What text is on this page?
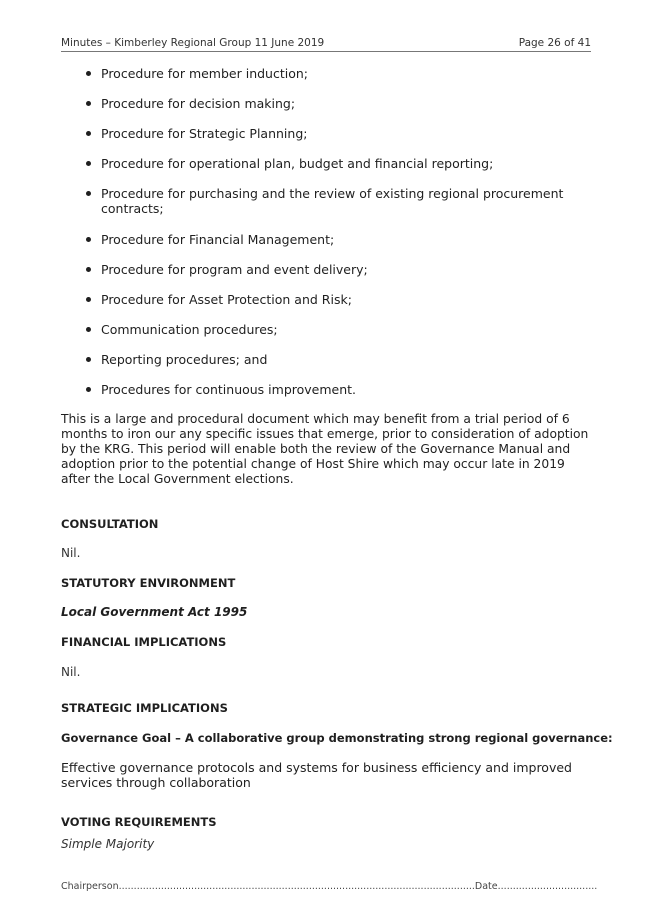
Minutes – Kimberley Regional Group 11 June 2019	Page 26 of 41
Procedure for member induction;
Procedure for decision making;
Procedure for Strategic Planning;
Procedure for operational plan, budget and financial reporting;
Procedure for purchasing and the review of existing regional procurement contracts;
Procedure for Financial Management;
Procedure for program and event delivery;
Procedure for Asset Protection and Risk;
Communication procedures;
Reporting procedures; and
Procedures for continuous improvement.
This is a large and procedural document which may benefit from a trial period of 6 months to iron our any specific issues that emerge, prior to consideration of adoption by the KRG. This period will enable both the review of the Governance Manual and adoption prior to the potential change of Host Shire which may occur late in 2019 after the Local Government elections.
CONSULTATION
Nil.
STATUTORY ENVIRONMENT
Local Government Act 1995
FINANCIAL IMPLICATIONS
Nil.
STRATEGIC IMPLICATIONS
Governance Goal – A collaborative group demonstrating strong regional governance:
Effective governance protocols and systems for business efficiency and improved services through collaboration
VOTING REQUIREMENTS
Simple Majority
Chairperson......................................................................................................................Date.................................
